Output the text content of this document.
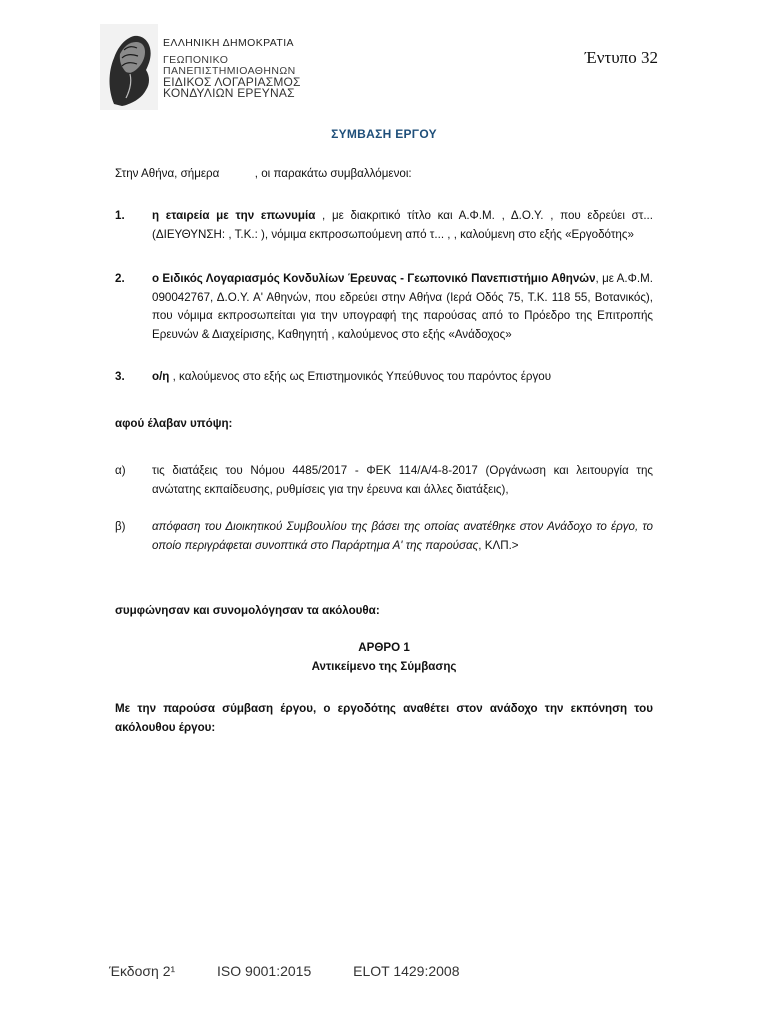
ΕΛΛΗΝΙΚΗ ΔΗΜΟΚΡΑΤΙΑ
ΓΕΩΠΟΝΙΚΟ
ΠΑΝΕΠΙΣΤΗΜΙΟΑΘΗΝΩΝ
ΕΙΔΙΚΟΣ ΛΟΓΑΡΙΑΣΜΟΣ
ΚΟΝΔΥΛΙΩΝ ΕΡΕΥΝΑΣ
Έντυπο 32
ΣΥΜΒΑΣΗ ΕΡΓΟΥ
Στην Αθήνα, σήμερα           , οι παρακάτω συμβαλλόμενοι:
1. η εταιρεία με την επωνυμία , με διακριτικό τίτλο και Α.Φ.Μ. , Δ.Ο.Υ. , που εδρεύει στ... (ΔΙΕΥΘΥΝΣΗ: , Τ.Κ.: ), νόμιμα εκπροσωπούμενη από τ... , , καλούμενη στο εξής «Εργοδότης»
2. ο Ειδικός Λογαριασμός Κονδυλίων Έρευνας - Γεωπονικό Πανεπιστήμιο Αθηνών, με Α.Φ.Μ. 090042767, Δ.Ο.Υ. Α' Αθηνών, που εδρεύει στην Αθήνα (Ιερά Οδός 75, Τ.Κ. 118 55, Βοτανικός), που νόμιμα εκπροσωπείται για την υπογραφή της παρούσας από το Πρόεδρο της Επιτροπής Ερευνών & Διαχείρισης, Καθηγητή , καλούμενος στο εξής «Ανάδοχος»
3. ο/η , καλούμενος στο εξής ως Επιστημονικός Υπεύθυνος του παρόντος έργου
αφού έλαβαν υπόψη:
α) τις διατάξεις του Νόμου 4485/2017 - ΦΕΚ 114/Α/4-8-2017 (Οργάνωση και λειτουργία της ανώτατης εκπαίδευσης, ρυθμίσεις για την έρευνα και άλλες διατάξεις),
β) απόφαση του Διοικητικού Συμβουλίου της βάσει της οποίας ανατέθηκε στον Ανάδοχο το έργο, το οποίο περιγράφεται συνοπτικά στο Παράρτημα Α' της παρούσας, ΚΛΠ.>
συμφώνησαν και συνομολόγησαν τα ακόλουθα:
ΑΡΘΡΟ 1
Αντικείμενο της Σύμβασης
Με την παρούσα σύμβαση έργου, ο εργοδότης αναθέτει στον ανάδοχο την εκπόνηση του ακόλουθου έργου:
Έκδοση 2¹	ISO 9001:2015	ELOT 1429:2008
